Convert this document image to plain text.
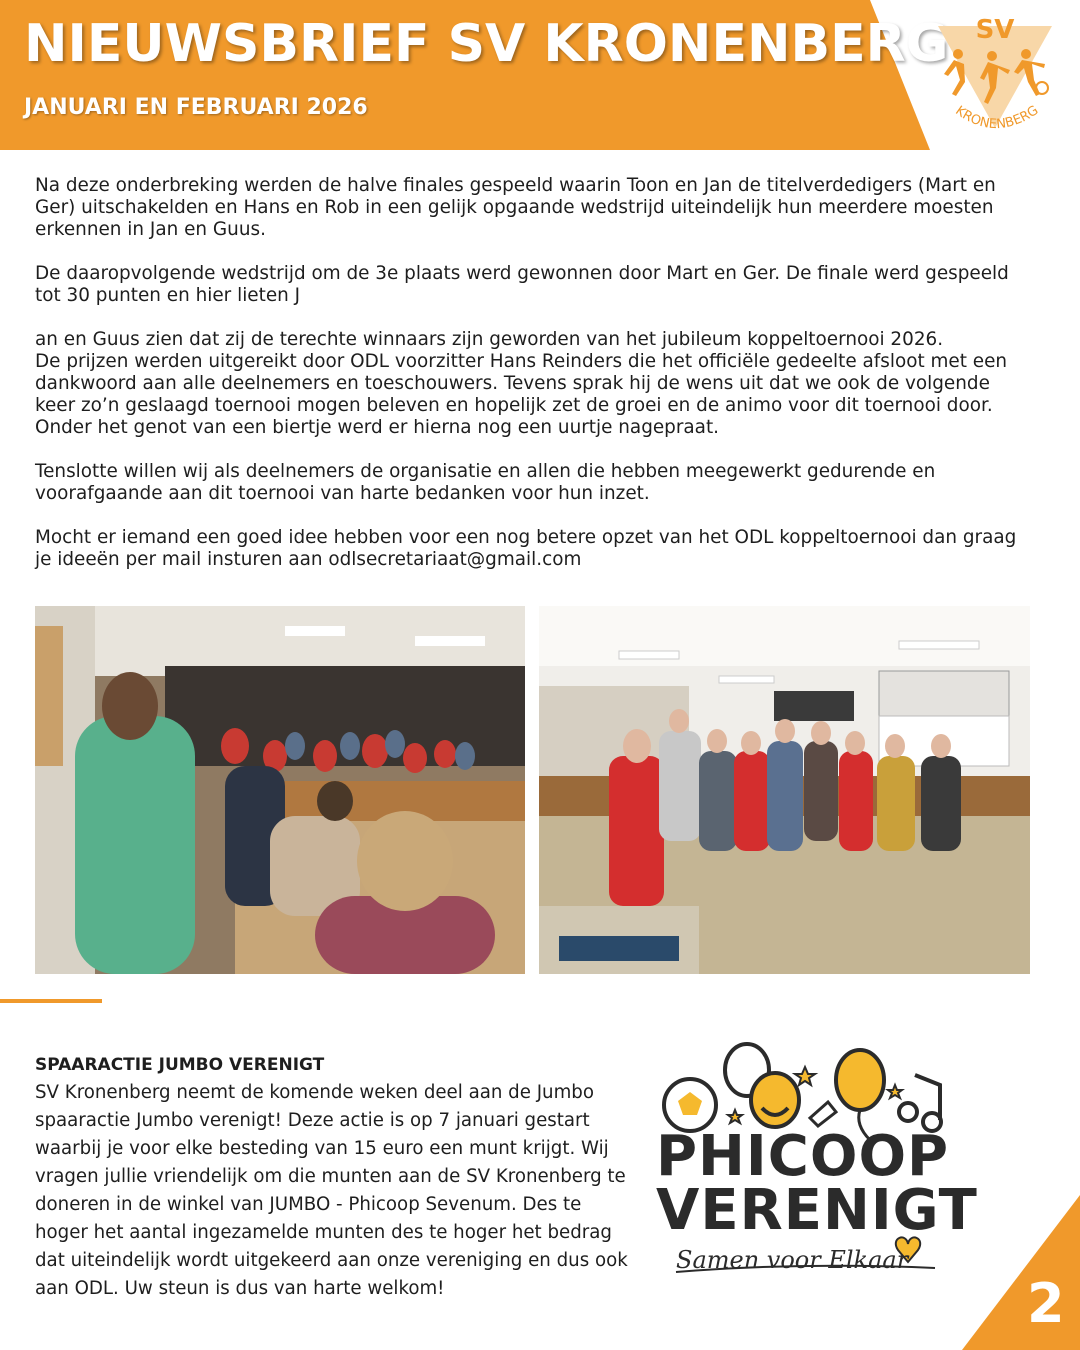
NIEUWSBRIEF SV KRONENBERG
JANUARI EN FEBRUARI 2026
SV
KRONENBERG

Na deze onderbreking werden de halve finales gespeeld waarin Toon en Jan de titelverdedigers (Mart en Ger) uitschakelden en Hans en Rob in een gelijk opgaande wedstrijd uiteindelijk hun meerdere moesten erkennen in Jan en Guus.

De daaropvolgende wedstrijd om de 3e plaats werd gewonnen door Mart en Ger. De finale werd gespeeld tot 30 punten en hier lieten J

an en Guus zien dat zij de terechte winnaars zijn geworden van het jubileum koppeltoernooi 2026.

De prijzen werden uitgereikt door ODL voorzitter Hans Reinders die het officiële gedeelte afsloot met een dankwoord aan alle deelnemers en toeschouwers. Tevens sprak hij de wens uit dat we ook de volgende keer zo’n geslaagd toernooi mogen beleven en hopelijk zet de groei en de animo voor dit toernooi door. Onder het genot van een biertje werd er hierna nog een uurtje nagepraat.

Tenslotte willen wij als deelnemers de organisatie en allen die hebben meegewerkt gedurende en voorafgaande aan dit toernooi van harte bedanken voor hun inzet.

Mocht er iemand een goed idee hebben voor een nog betere opzet van het ODL koppeltoernooi dan graag je ideeën per mail insturen aan odlsecretariaat@gmail.com

SPAARACTIE JUMBO VERENIGT
SV Kronenberg neemt de komende weken deel aan de Jumbo spaaractie Jumbo verenigt! Deze actie is op 7 januari gestart waarbij je voor elke besteding van 15 euro een munt krijgt. Wij vragen jullie vriendelijk om die munten aan de SV Kronenberg te doneren in de winkel van JUMBO - Phicoop Sevenum. Des te hoger het aantal ingezamelde munten des te hoger het bedrag dat uiteindelijk wordt uitgekeerd aan onze vereniging en dus ook aan ODL. Uw steun is dus van harte welkom!
PHICOOP
VERENIGT
Samen voor Elkaar
2
